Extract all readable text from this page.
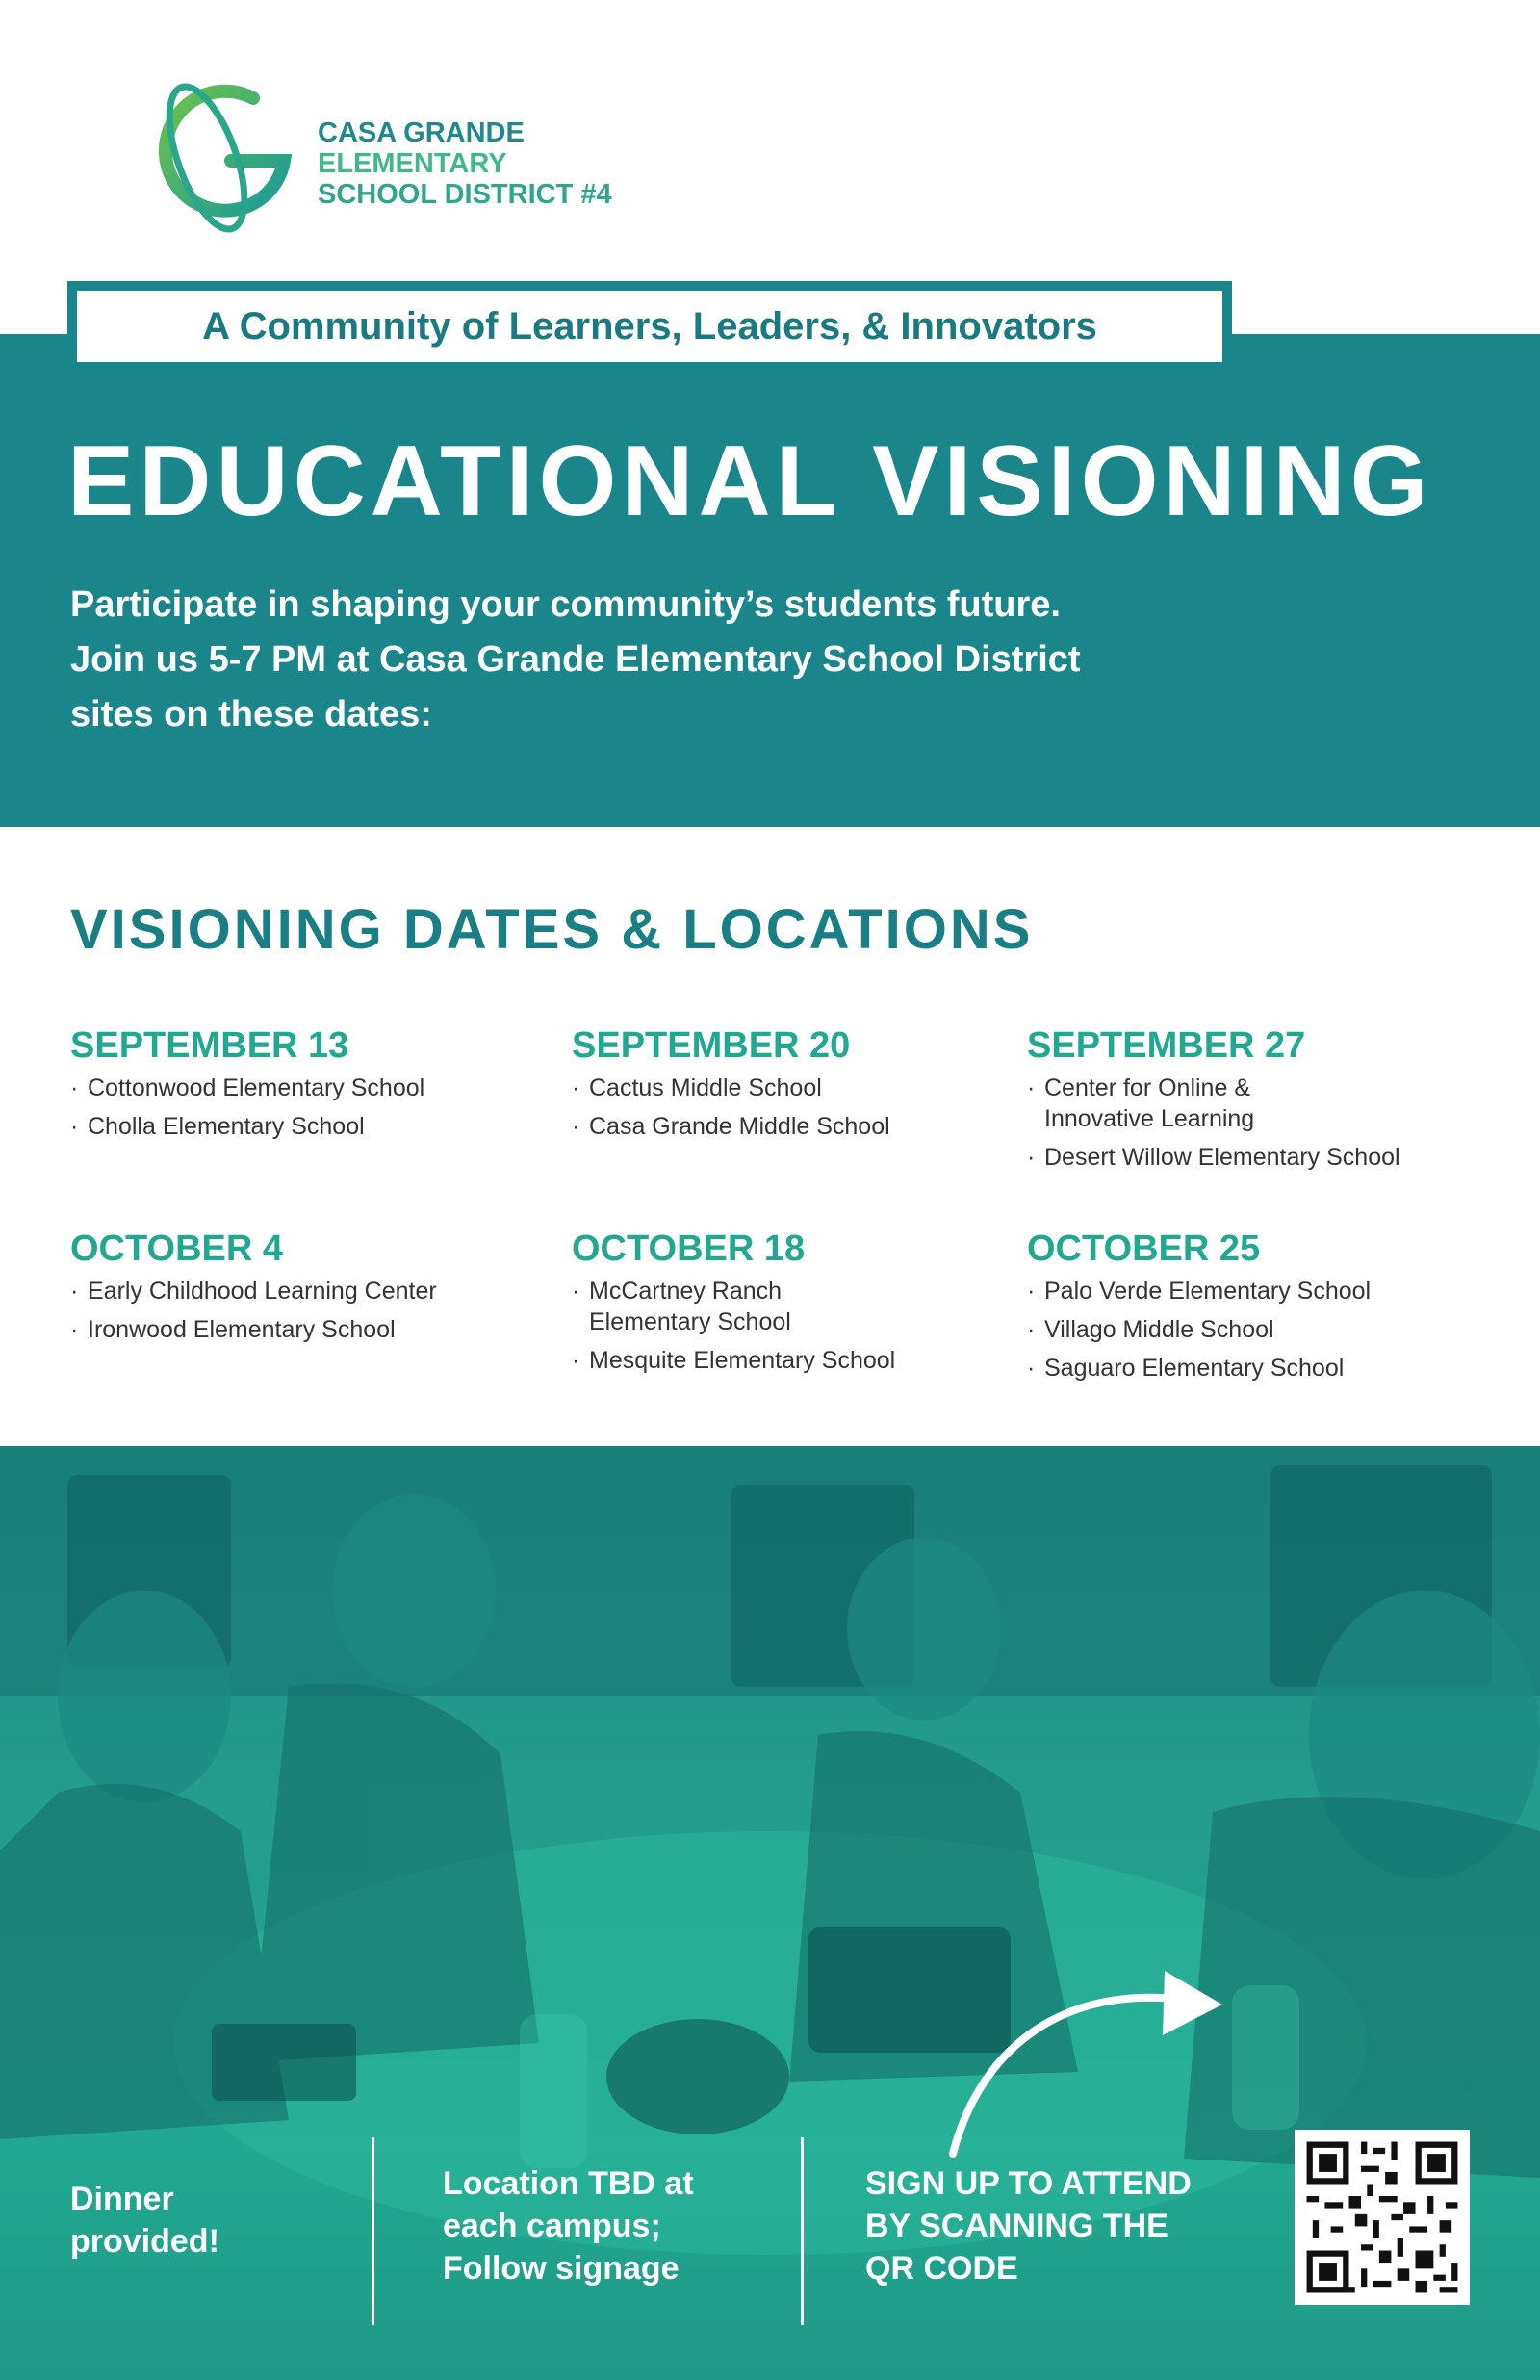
CASA GRANDE
ELEMENTARY
SCHOOL DISTRICT #4
A Community of Learners, Leaders, & Innovators
EDUCATIONAL VISIONING
Participate in shaping your community’s students future.
Join us 5-7 PM at Casa Grande Elementary School District
sites on these dates:
VISIONING DATES & LOCATIONS
SEPTEMBER 13
· Cottonwood Elementary School
· Cholla Elementary School
SEPTEMBER 20
· Cactus Middle School
· Casa Grande Middle School
SEPTEMBER 27
· Center for Online & Innovative Learning
· Desert Willow Elementary School
OCTOBER 4
· Early Childhood Learning Center
· Ironwood Elementary School
OCTOBER 18
· McCartney Ranch Elementary School
· Mesquite Elementary School
OCTOBER 25
· Palo Verde Elementary School
· Villago Middle School
· Saguaro Elementary School
Dinner
provided!
Location TBD at
each campus;
Follow signage
SIGN UP TO ATTEND
BY SCANNING THE
QR CODE
